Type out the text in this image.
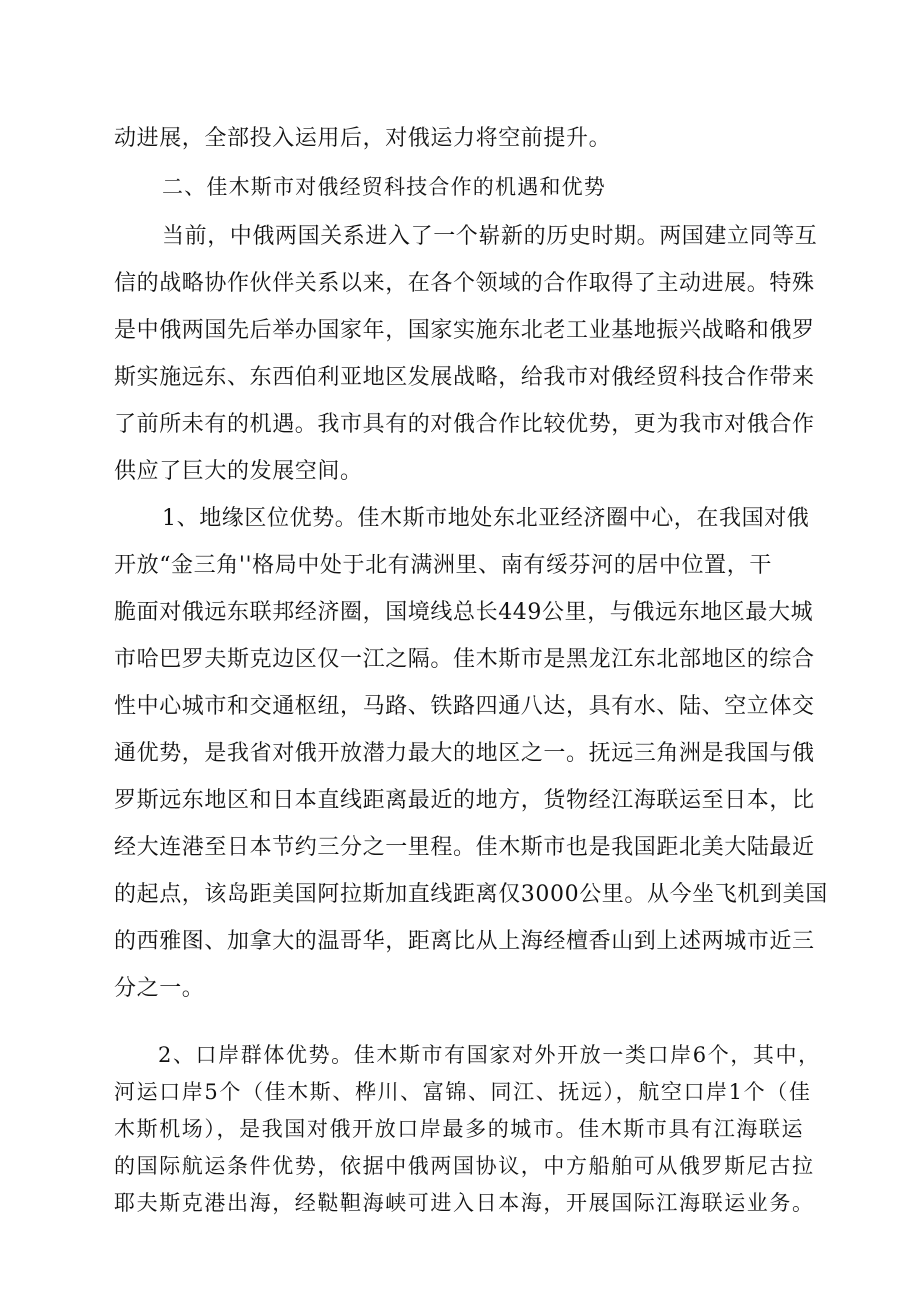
动进展，全部投入运用后，对俄运力将空前提升。
二、佳木斯市对俄经贸科技合作的机遇和优势
当前，中俄两国关系进入了一个崭新的历史时期。两国建立同等互
信的战略协作伙伴关系以来，在各个领域的合作取得了主动进展。特殊
是中俄两国先后举办国家年，国家实施东北老工业基地振兴战略和俄罗
斯实施远东、东西伯利亚地区发展战略，给我市对俄经贸科技合作带来
了前所未有的机遇。我市具有的对俄合作比较优势，更为我市对俄合作
供应了巨大的发展空间。
1、地缘区位优势。佳木斯市地处东北亚经济圈中心，在我国对俄
开放“金三角''格局中处于北有满洲里、南有绥芬河的居中位置，干
脆面对俄远东联邦经济圈，国境线总长449公里，与俄远东地区最大城
市哈巴罗夫斯克边区仅一江之隔。佳木斯市是黑龙江东北部地区的综合
性中心城市和交通枢纽，马路、铁路四通八达，具有水、陆、空立体交
通优势，是我省对俄开放潜力最大的地区之一。抚远三角洲是我国与俄
罗斯远东地区和日本直线距离最近的地方，货物经江海联运至日本，比
经大连港至日本节约三分之一里程。佳木斯市也是我国距北美大陆最近
的起点，该岛距美国阿拉斯加直线距离仅3000公里。从今坐飞机到美国
的西雅图、加拿大的温哥华，距离比从上海经檀香山到上述两城市近三
分之一。
2、口岸群体优势。佳木斯市有国家对外开放一类口岸6个，其中，
河运口岸5个（佳木斯、桦川、富锦、同江、抚远），航空口岸1个（佳
木斯机场），是我国对俄开放口岸最多的城市。佳木斯市具有江海联运
的国际航运条件优势，依据中俄两国协议，中方船舶可从俄罗斯尼古拉
耶夫斯克港出海，经鞑靼海峡可进入日本海，开展国际江海联运业务。
